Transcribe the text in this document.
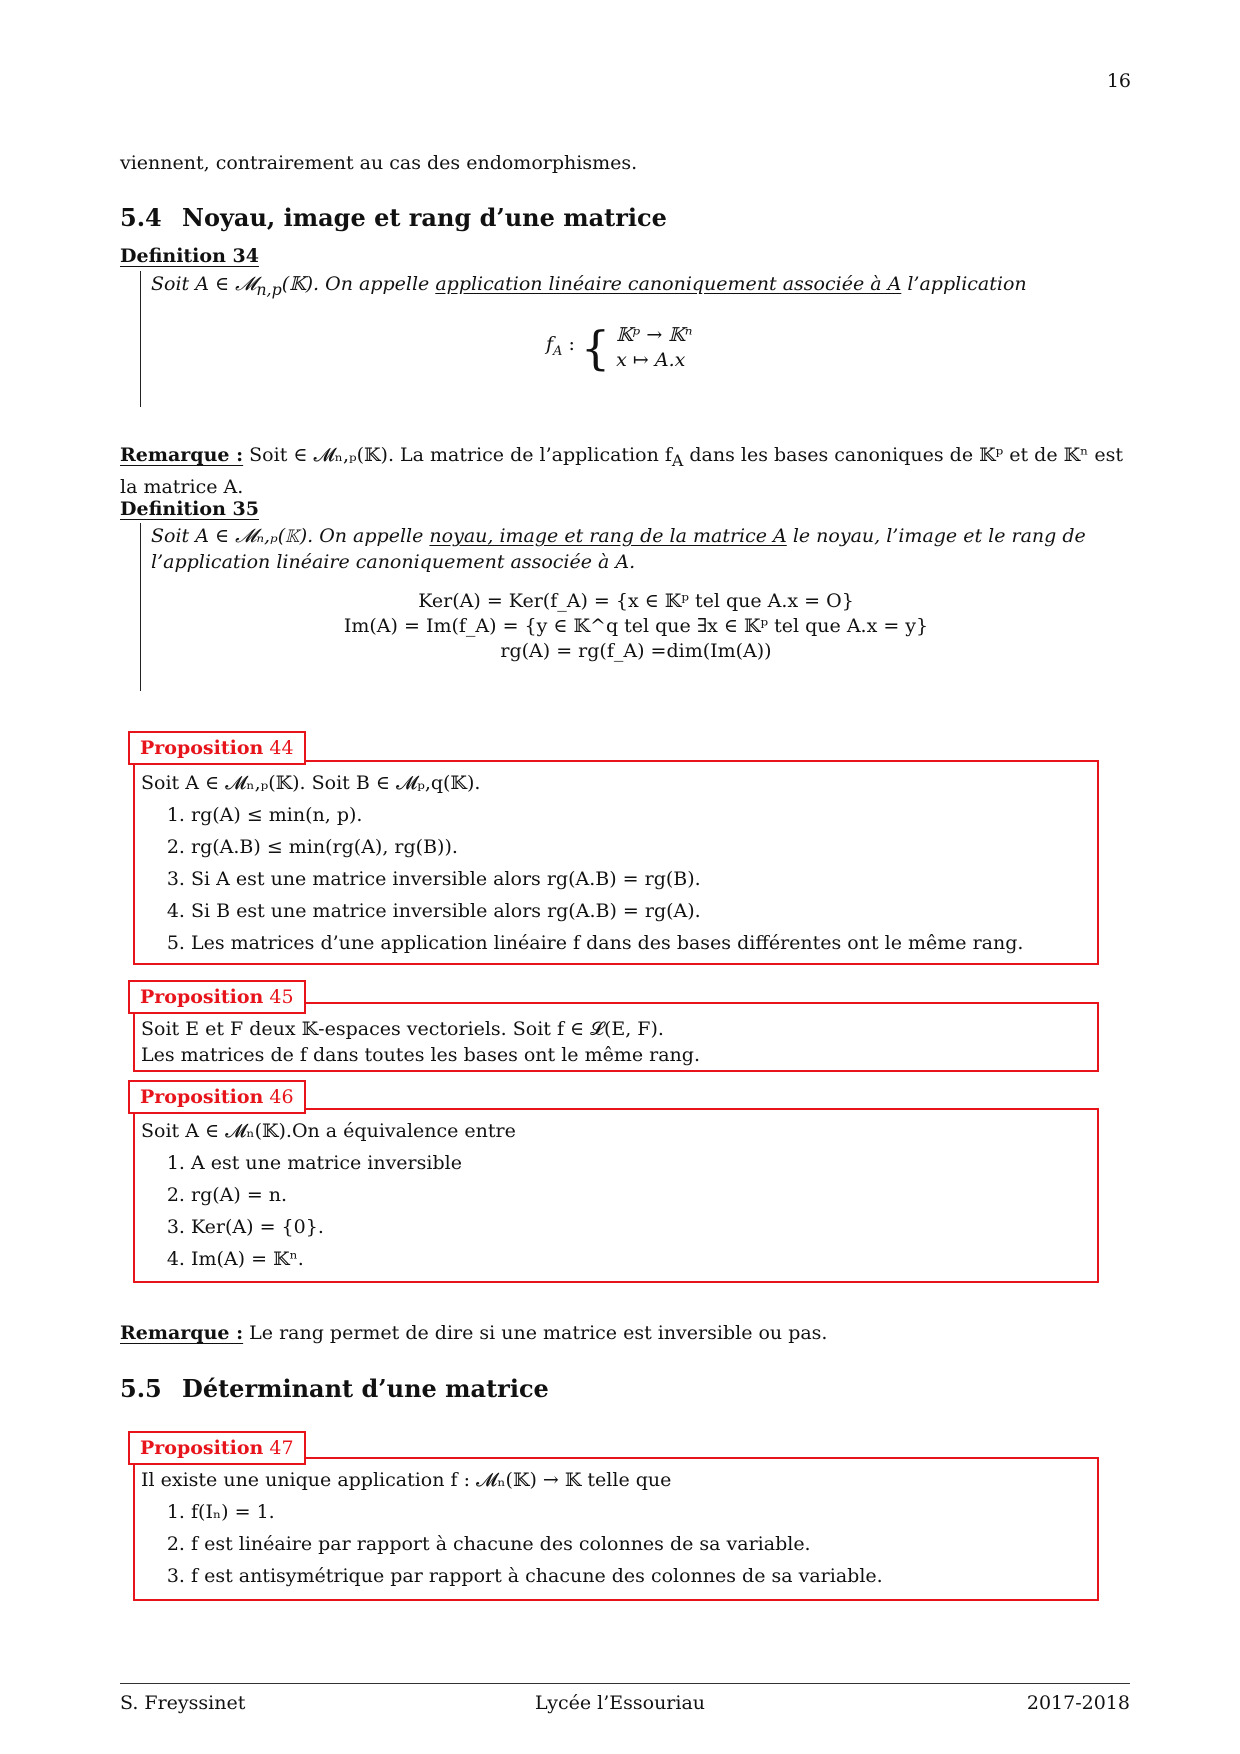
16
viennent, contrairement au cas des endomorphismes.
5.4 Noyau, image et rang d’une matrice
Definition 34
Soit A ∈ 𝓜$_{n,p}$(𝕂). On appelle application linéaire canoniquement associée à A l’application
$f_A$ : { 𝕂ᵖ → 𝕂ⁿ
x ↦ A.x
Remarque : Soit ∈ 𝓜ₙ,ₚ(𝕂). La matrice de l’application $f_A$ dans les bases canoniques de 𝕂ᵖ et de 𝕂ⁿ est la matrice A.
Definition 35
Soit A ∈ 𝓜ₙ,ₚ(𝕂). On appelle noyau, image et rang de la matrice A le noyau, l’image et le rang de l’application linéaire canoniquement associée à A.
Ker(A) = Ker(f_A) = {x ∈ 𝕂ᵖ tel que A.x = O}
Im(A) = Im(f_A) = {y ∈ 𝕂^q tel que ∃x ∈ 𝕂ᵖ tel que A.x = y}
rg(A) = rg(f_A) =dim(Im(A))
Proposition 44
Soit A ∈ 𝓜ₙ,ₚ(𝕂). Soit B ∈ 𝓜ₚ,q(𝕂).
1. rg(A) ≤ min(n, p).
2. rg(A.B) ≤ min(rg(A), rg(B)).
3. Si A est une matrice inversible alors rg(A.B) = rg(B).
4. Si B est une matrice inversible alors rg(A.B) = rg(A).
5. Les matrices d’une application linéaire f dans des bases différentes ont le même rang.
Proposition 45
Soit E et F deux 𝕂-espaces vectoriels. Soit f ∈ 𝓛(E, F).
Les matrices de f dans toutes les bases ont le même rang.
Proposition 46
Soit A ∈ 𝓜ₙ(𝕂).On a équivalence entre
1. A est une matrice inversible
2. rg(A) = n.
3. Ker(A) = {0}.
4. Im(A) = 𝕂ⁿ.
Remarque : Le rang permet de dire si une matrice est inversible ou pas.
5.5 Déterminant d’une matrice
Proposition 47
Il existe une unique application f : 𝓜ₙ(𝕂) → 𝕂 telle que
1. f(Iₙ) = 1.
2. f est linéaire par rapport à chacune des colonnes de sa variable.
3. f est antisymétrique par rapport à chacune des colonnes de sa variable.
S. Freyssinet	Lycée l’Essouriau	2017-2018
